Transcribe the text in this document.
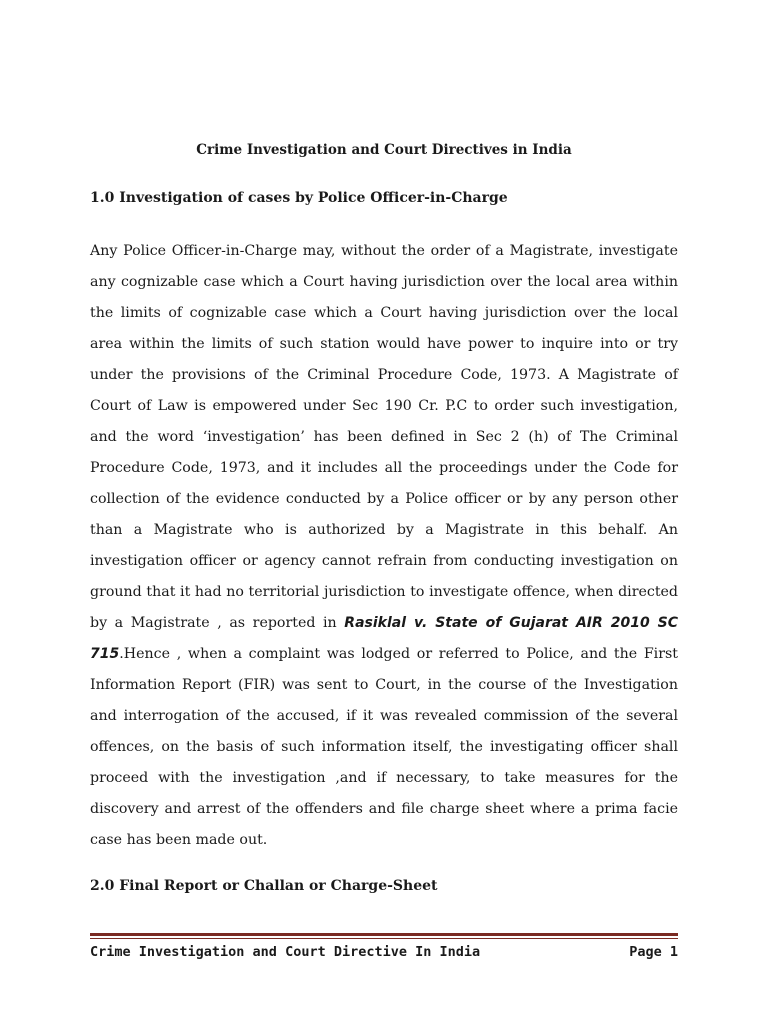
Crime Investigation and Court Directives in India
1.0 Investigation of cases by Police Officer-in-Charge

Any Police Officer-in-Charge may, without the order of a Magistrate, investigate any cognizable case which a Court having jurisdiction over the local area within the limits of cognizable case which a Court having jurisdiction over the local area within the limits of such station would have power to inquire into or try under the provisions of the Criminal Procedure Code, 1973. A Magistrate of Court of Law is empowered under Sec 190 Cr. P.C to order such investigation, and the word ‘investigation’ has been defined in Sec 2 (h) of The Criminal Procedure Code, 1973, and it includes all the proceedings under the Code for collection of the evidence conducted by a Police officer or by any person other than a Magistrate who is authorized by a Magistrate in this behalf. An investigation officer or agency cannot refrain from conducting investigation on ground that it had no territorial jurisdiction to investigate offence, when directed by a Magistrate , as reported in Rasiklal v. State of Gujarat AIR 2010 SC 715.Hence , when a complaint was lodged or referred to Police, and the First Information Report (FIR) was sent to Court, in the course of the Investigation and interrogation of the accused, if it was revealed commission of the several offences, on the basis of such information itself, the investigating officer shall proceed with the investigation ,and if necessary, to take measures for the discovery and arrest of the offenders and file charge sheet where a prima facie case has been made out.

2.0 Final Report or Challan or Charge-Sheet
Crime Investigation and Court Directive In India	Page 1
